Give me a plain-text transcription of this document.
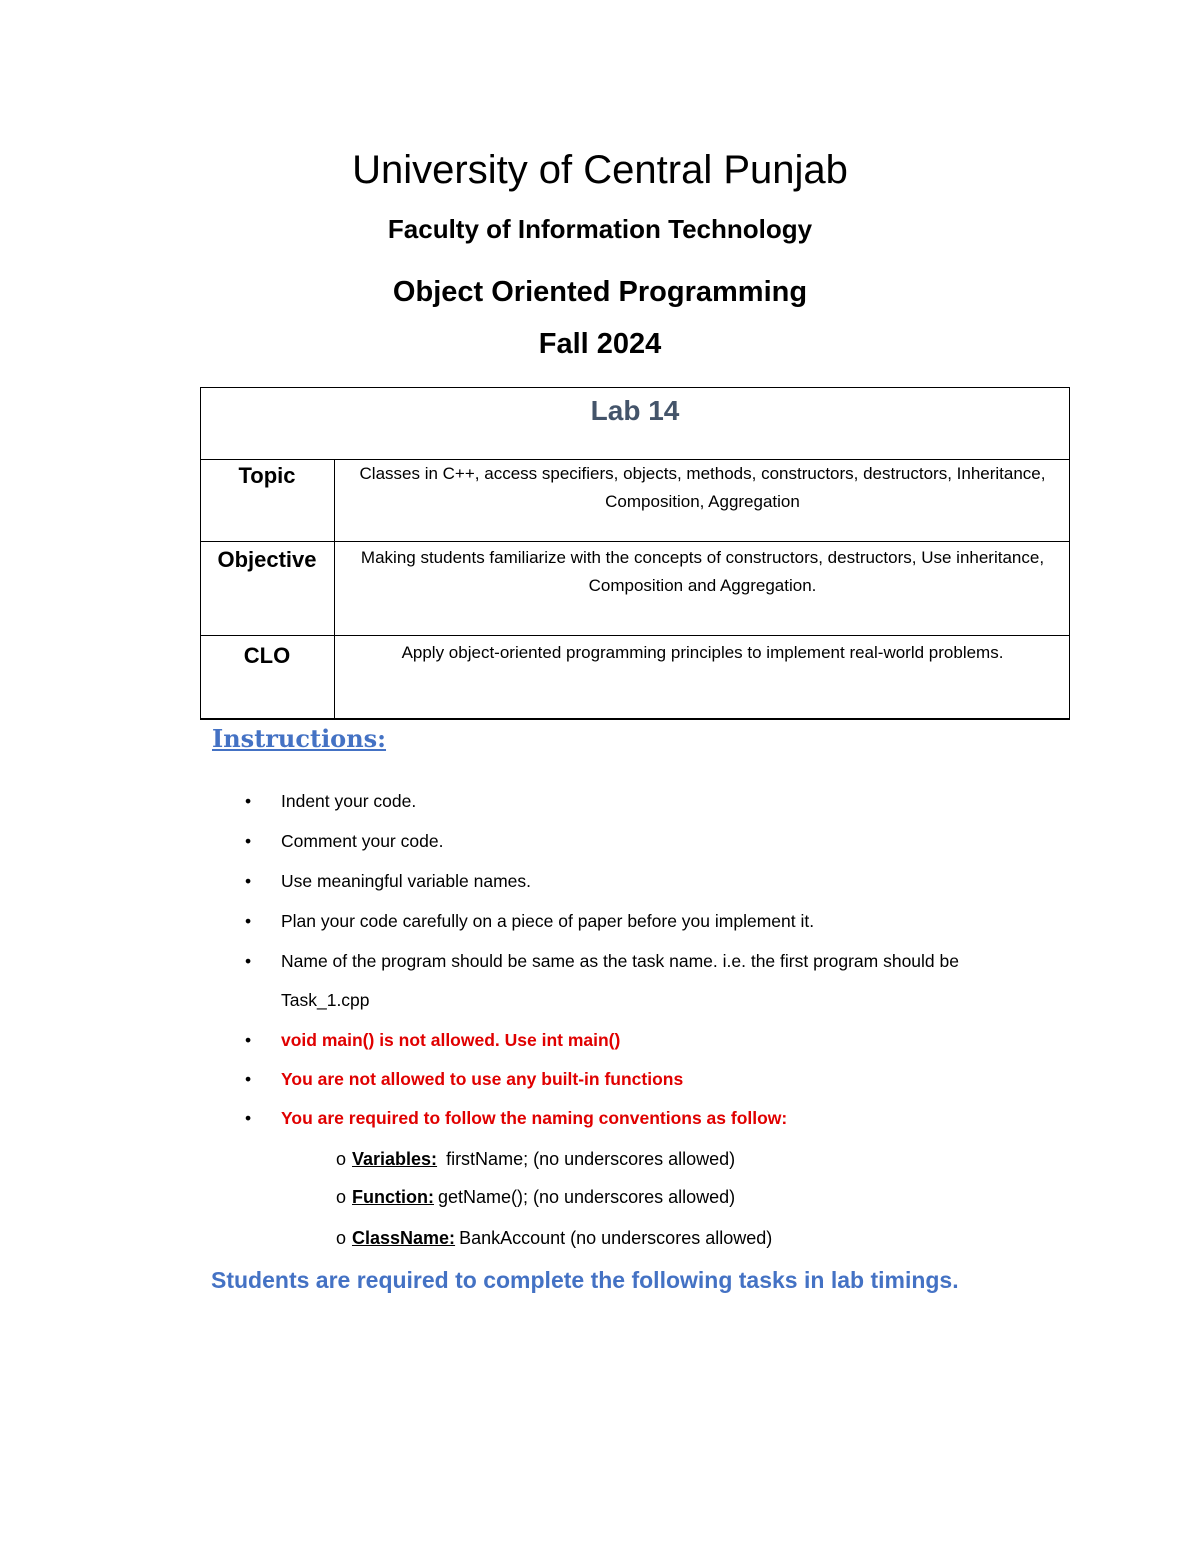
University of Central Punjab
Faculty of Information Technology
Object Oriented Programming
Fall 2024
Lab 14
Topic	Classes in C++, access specifiers, objects, methods, constructors, destructors, Inheritance, Composition, Aggregation
Objective	Making students familiarize with the concepts of constructors, destructors, Use inheritance, Composition and Aggregation.
CLO	Apply object-oriented programming principles to implement real-world problems.
Instructions:
• Indent your code.
• Comment your code.
• Use meaningful variable names.
• Plan your code carefully on a piece of paper before you implement it.
• Name of the program should be same as the task name. i.e. the first program should be
Task_1.cpp
• void main() is not allowed. Use int main()
• You are not allowed to use any built-in functions
• You are required to follow the naming conventions as follow:
o Variables: firstName; (no underscores allowed)
o Function: getName(); (no underscores allowed)
o ClassName: BankAccount (no underscores allowed)
Students are required to complete the following tasks in lab timings.
